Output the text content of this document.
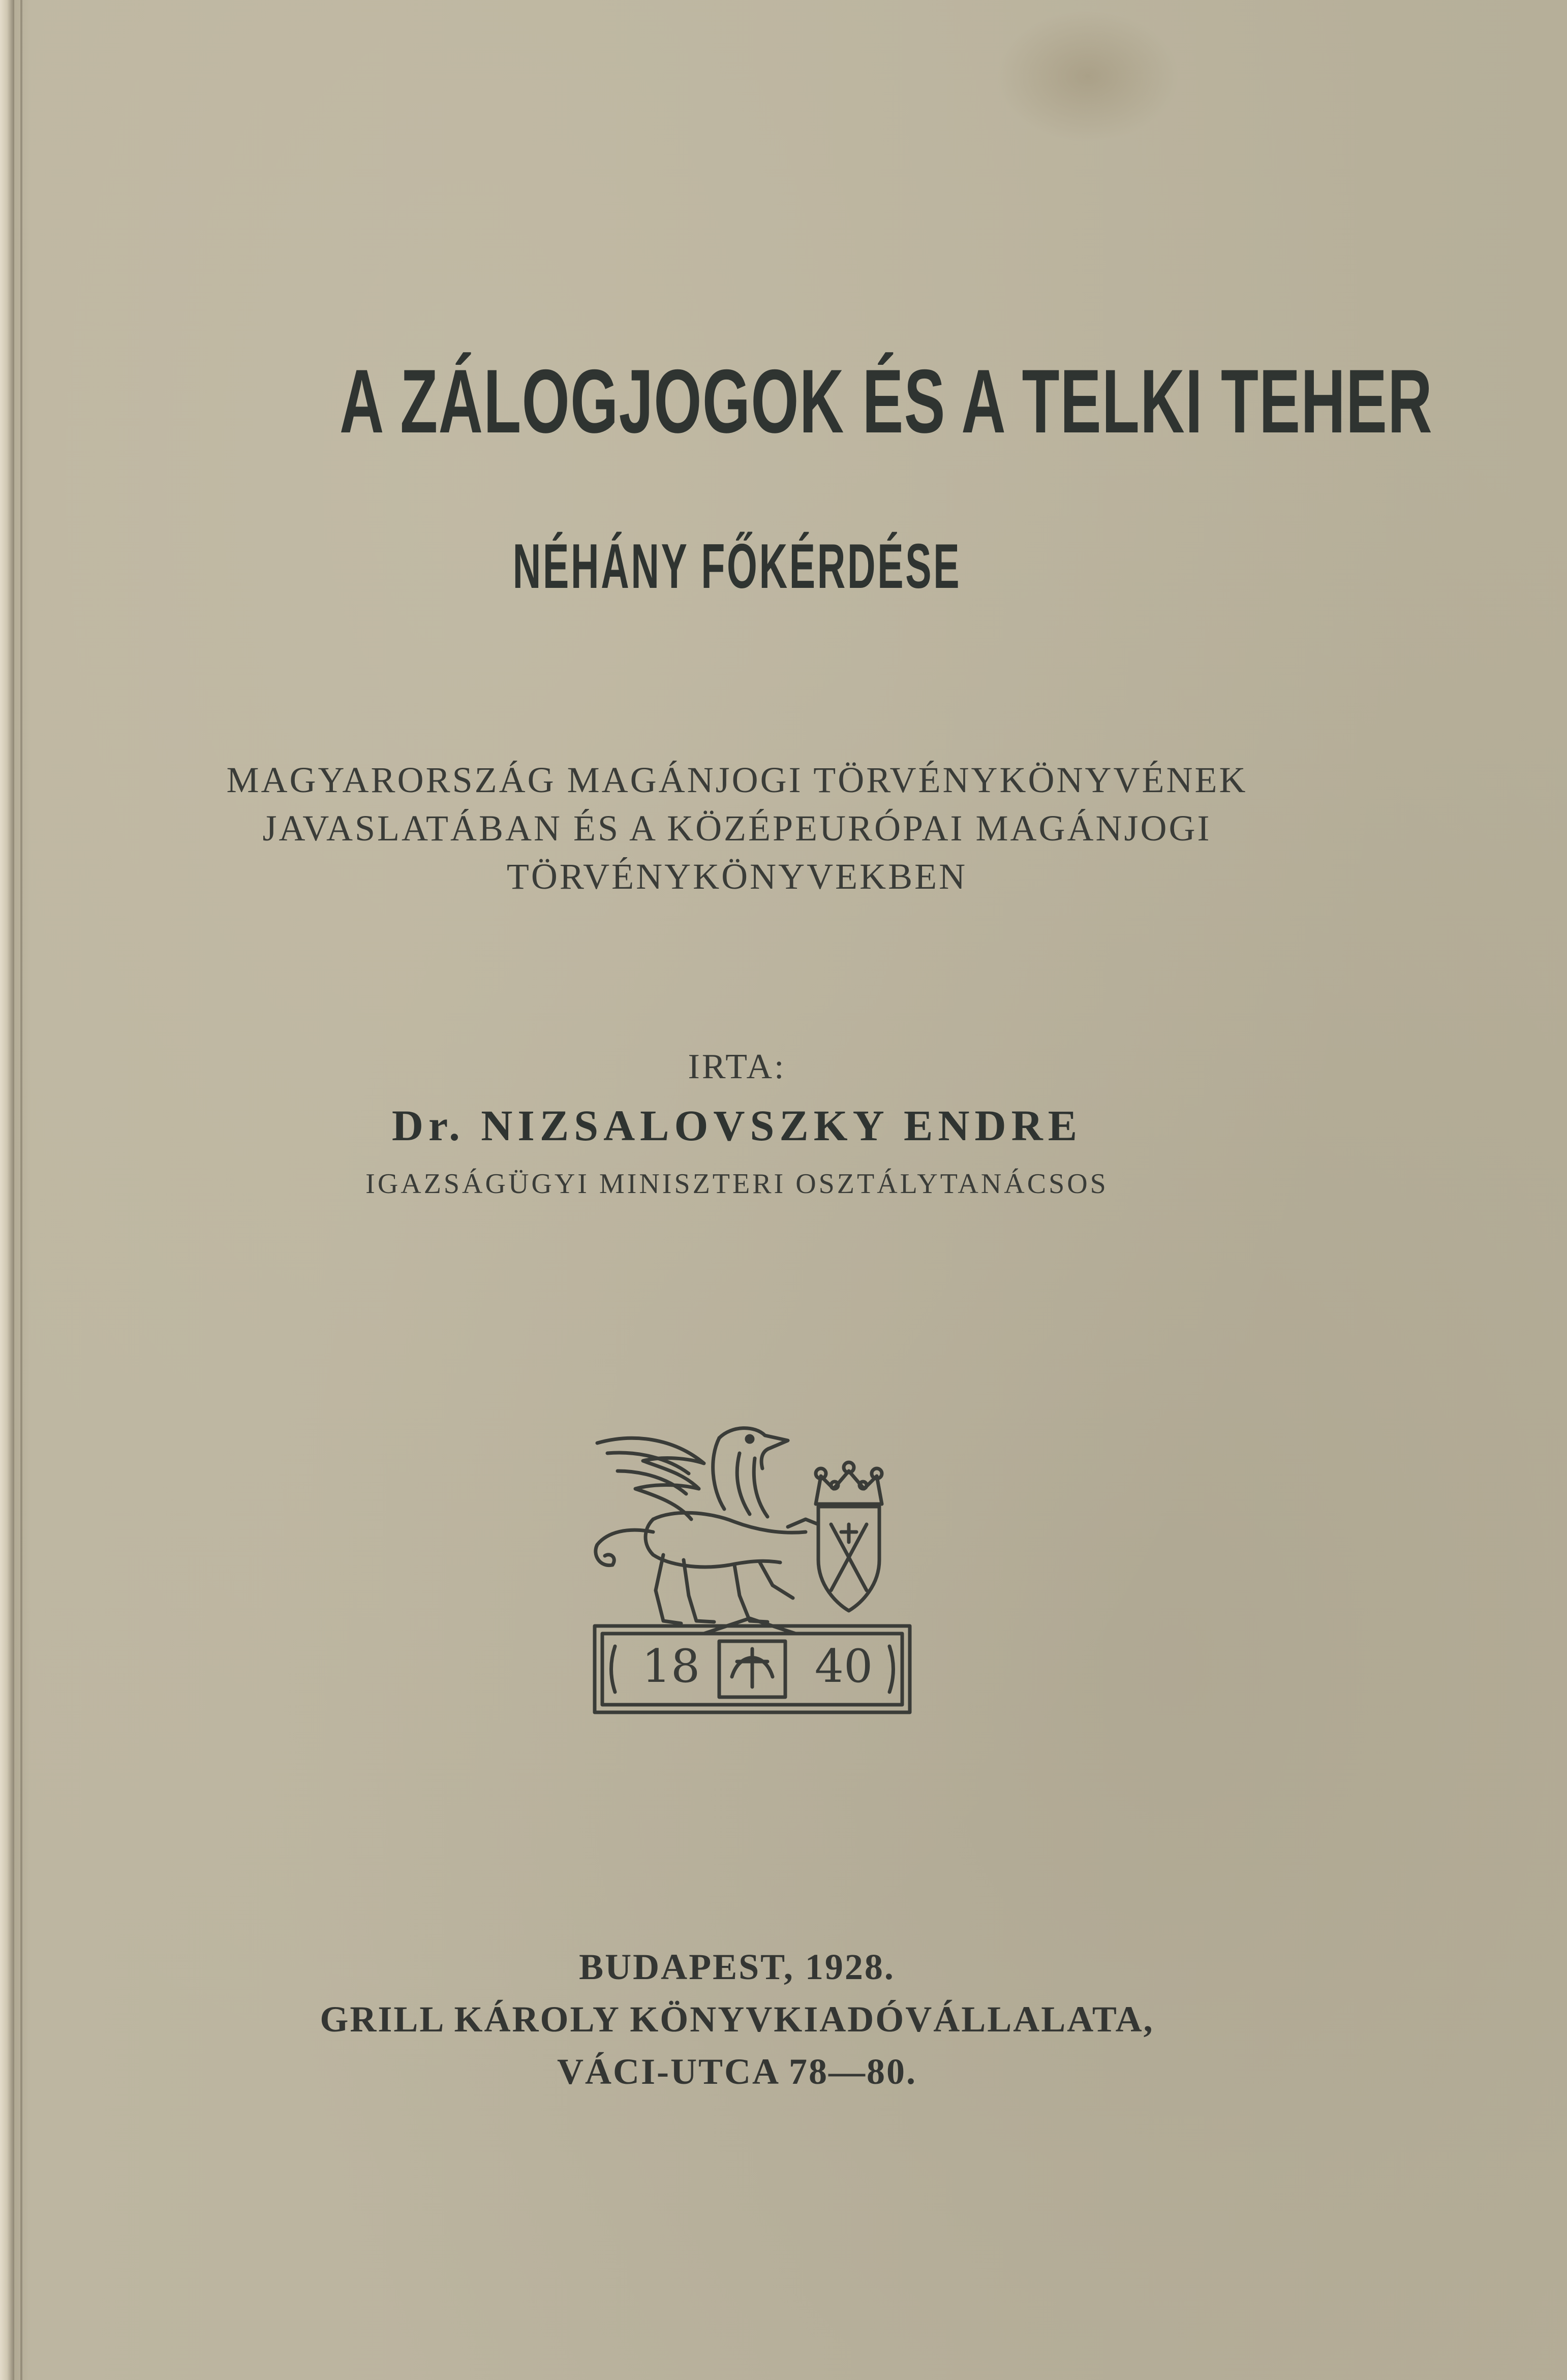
A ZÁLOGJOGOK ÉS A TELKI TEHER
NÉHÁNY FŐKÉRDÉSE
MAGYARORSZÁG MAGÁNJOGI TÖRVÉNYKÖNYVÉNEK
JAVASLATÁBAN ÉS A KÖZÉPEURÓPAI MAGÁNJOGI
TÖRVÉNYKÖNYVEKBEN
IRTA:
Dr. NIZSALOVSZKY ENDRE
IGAZSÁGÜGYI MINISZTERI OSZTÁLYTANÁCSOS
18	40
BUDAPEST, 1928.
GRILL KÁROLY KÖNYVKIADÓVÁLLALATA,
VÁCI-UTCA 78—80.
